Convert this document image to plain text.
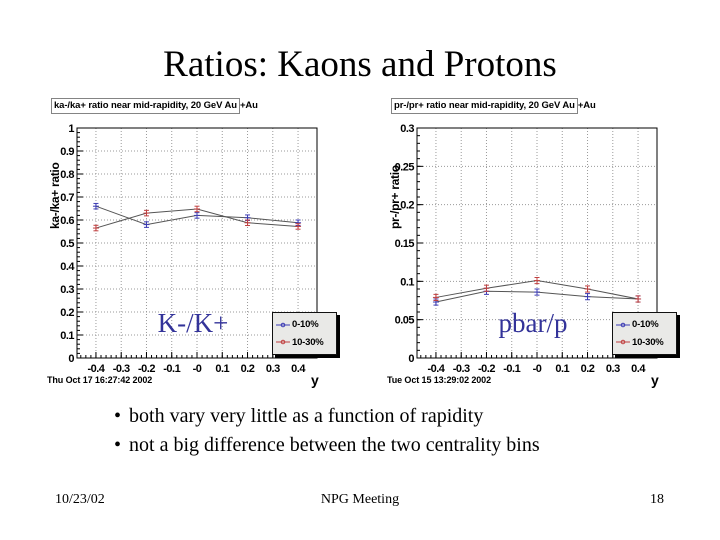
Ratios: Kaons and Protons
ka-/ka+ ratio near mid-rapidity, 20 GeV Au +Au
ka-/ka+ ratio
-0.4 -0.3 -0.2 -0.1 -0 0.1 0.2 0.3 0.4
0
0.1
0.2
0.3
0.4
0.5
0.6
0.7
0.8
0.9
1
K-/K+	0-10%
10-30%
Thu Oct 17 16:27:42 2002	y
pr-/pr+ ratio near mid-rapidity, 20 GeV Au +Au
pr-/pr+ ratio
-0.4 -0.3 -0.2 -0.1 -0 0.1 0.2 0.3 0.4
0
0.05
0.1
0.15
0.2
0.25
0.3
pbar/p	0-10%
10-30%
Tue Oct 15 13:29:02 2002	y
• both vary very little as a function of rapidity
• not a big difference between the two centrality bins
10/23/02	NPG Meeting	18
